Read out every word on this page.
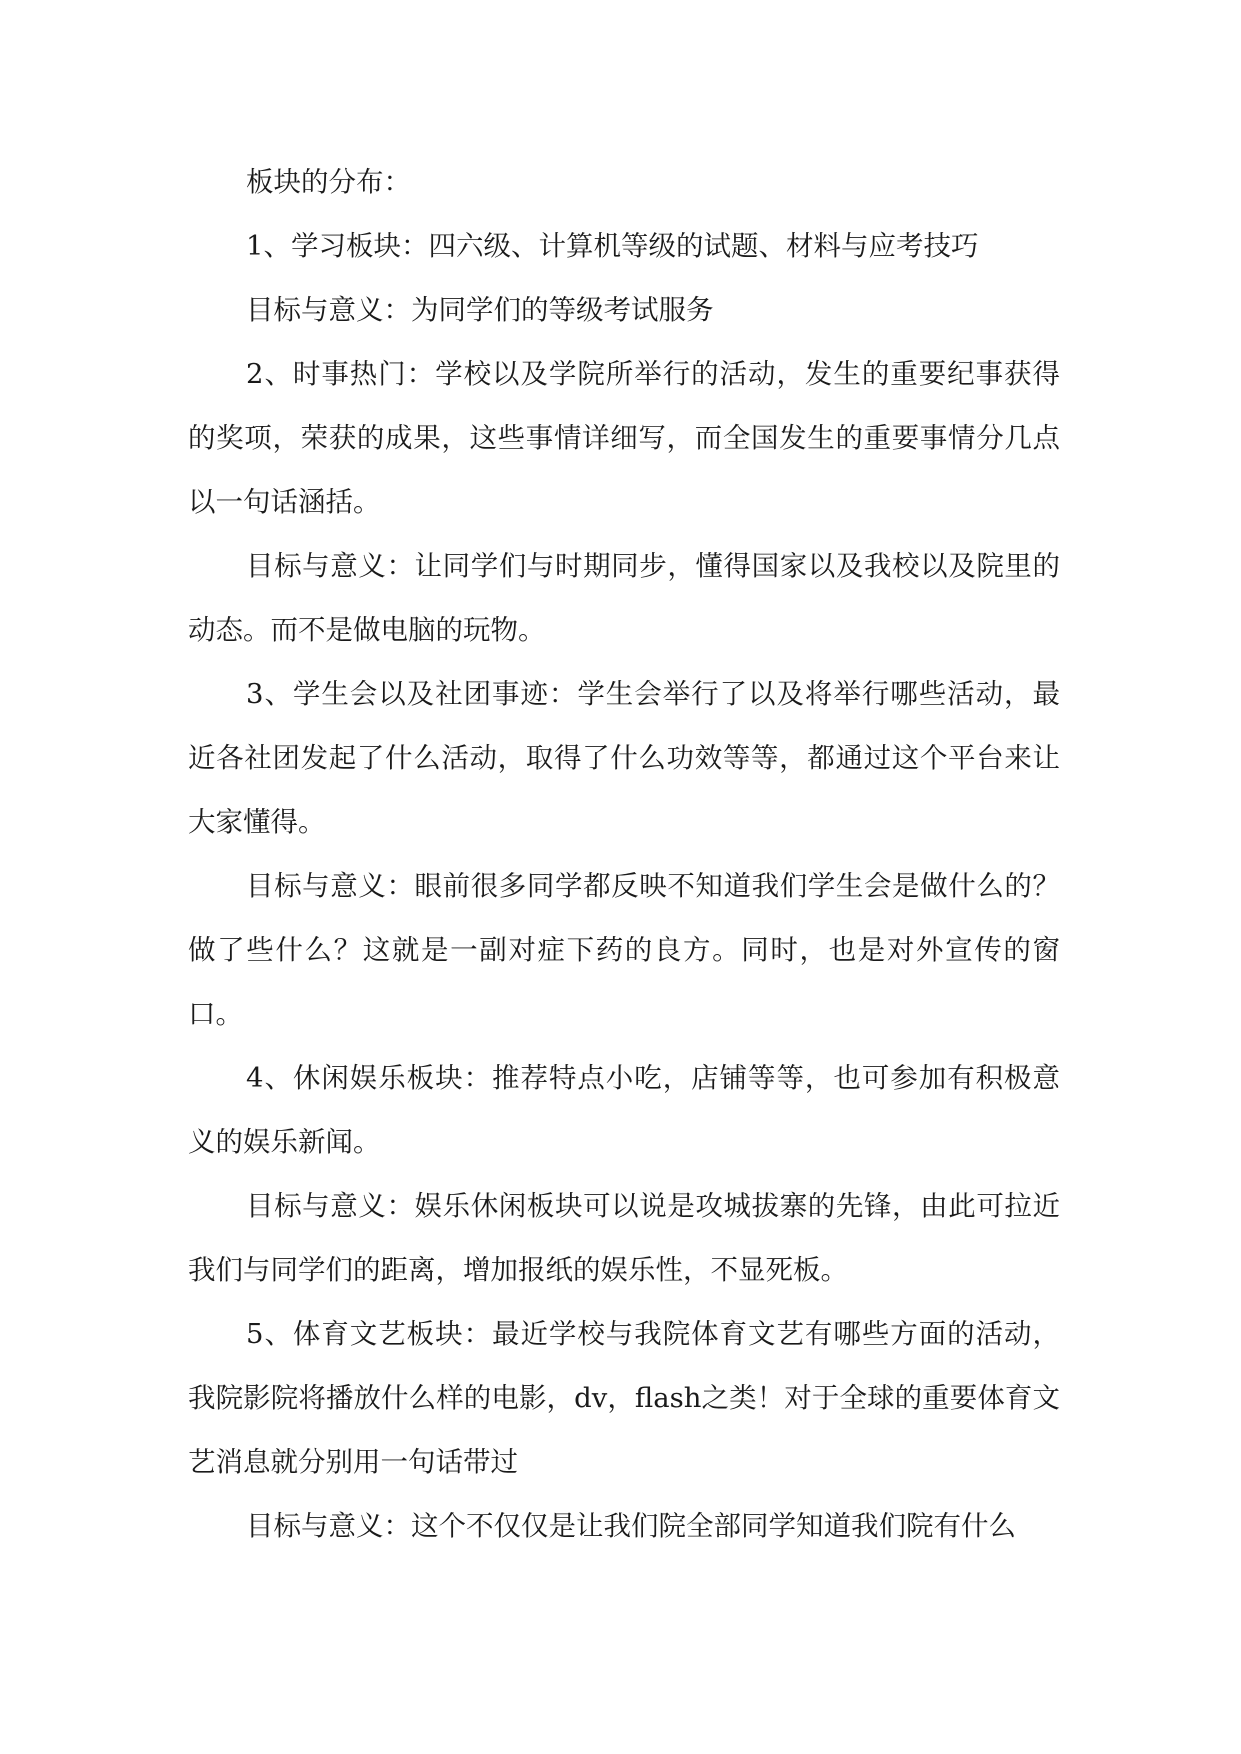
板块的分布：

1、学习板块：四六级、计算机等级的试题、材料与应考技巧

目标与意义：为同学们的等级考试服务

2、时事热门：学校以及学院所举行的活动，发生的重要纪事获得的奖项，荣获的成果，这些事情详细写，而全国发生的重要事情分几点以一句话涵括。

目标与意义：让同学们与时期同步，懂得国家以及我校以及院里的动态。而不是做电脑的玩物。

3、学生会以及社团事迹：学生会举行了以及将举行哪些活动，最近各社团发起了什么活动，取得了什么功效等等，都通过这个平台来让大家懂得。

目标与意义：眼前很多同学都反映不知道我们学生会是做什么的？做了些什么？这就是一副对症下药的良方。同时，也是对外宣传的窗口。

4、休闲娱乐板块：推荐特点小吃，店铺等等，也可参加有积极意义的娱乐新闻。

目标与意义：娱乐休闲板块可以说是攻城拔寨的先锋，由此可拉近我们与同学们的距离，增加报纸的娱乐性，不显死板。

5、体育文艺板块：最近学校与我院体育文艺有哪些方面的活动，我院影院将播放什么样的电影，dv，flash之类！对于全球的重要体育文艺消息就分别用一句话带过

目标与意义：这个不仅仅是让我们院全部同学知道我们院有什么
